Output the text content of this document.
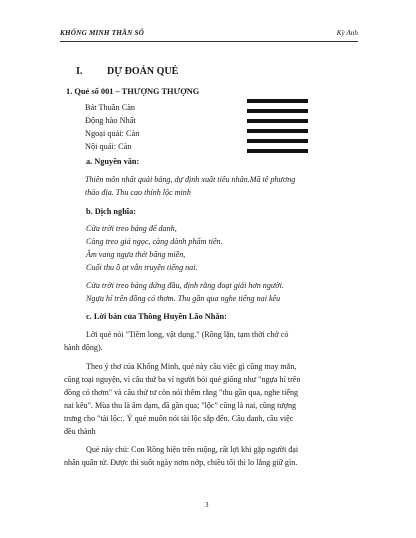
KHỔNG MINH THẦN SỐ	Kỳ Anh
I. DỰ ĐOÁN QUẺ
1. Quẻ số 001 – THƯỢNG THƯỢNG
Bát Thuần Càn
Động hào Nhất
Ngoại quái: Càn
Nội quái: Càn
a. Nguyên văn:
Thiên môn nhất quải bảng, dự định xuất tiêu nhân.Mã tê phương
thảo địa. Thu cao thính lộc minh
b. Dịch nghĩa:
Cửa trời treo bảng để danh,
Càng treo giá ngọc, càng dành phẩm tiên.
Âm vang ngựa thét bãng miền,
Cuối thu ồ ạt vẫn truyền tiếng nai.
Cửa trời treo bảng đứng đầu, định rằng đoạt giải hơn người.
Ngựa hí trên đồng cỏ thơm. Thu gần qua nghe tiếng nai kêu
c. Lời bàn của Thông Huyền Lão Nhân:
Lời quẻ nói "Tiềm long, vật dụng." (Rồng lặn, tạm thời chớ có
hành động).
Theo ý thơ của Khổng Minh, quẻ này cầu việc gì cũng may mắn,
cũng toại nguyện, vì câu thứ ba ví người bói quẻ giống như "ngựa hí trên
đồng cỏ thơm" và câu thứ tư còn nói thêm rằng "thu gần qua, nghe tiếng
nai kêu". Mùa thu là âm dạm, đã gần qua; "lộc" cũng là nai, cũng tượng
trưng cho "tài lộc:. Ý quẻ muốn nói tài lộc sắp đến. Cầu danh, cầu việc
đều thành
Quẻ này chủ: Con Rồng hiện trên ruộng, rất lợi khi gặp người đại
nhân quân tử. Được thì suốt ngày nơm nớp, chiều tối thì lo lắng giữ gìn.
3
